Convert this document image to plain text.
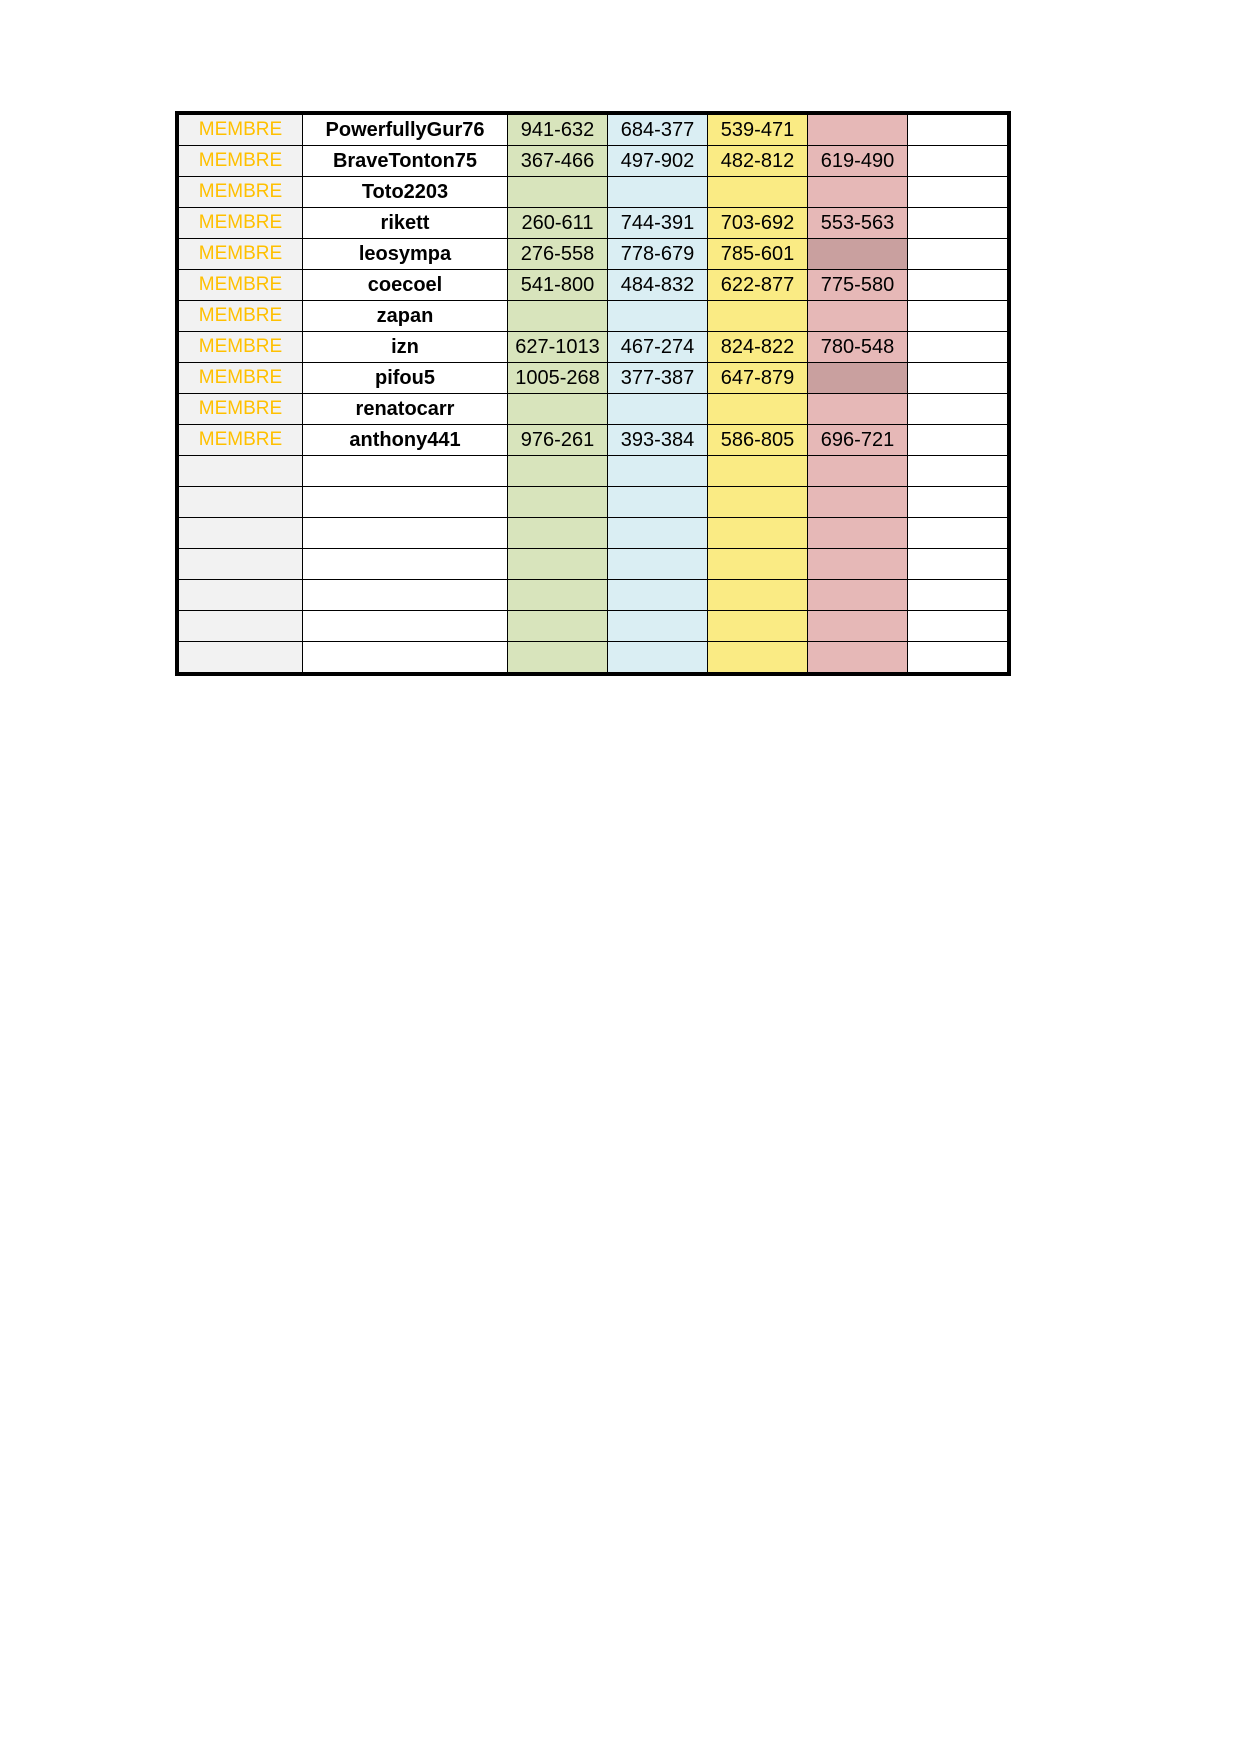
MEMBRE	PowerfullyGur76	941-632	684-377	539-471		
MEMBRE	BraveTonton75	367-466	497-902	482-812	619-490	
MEMBRE	Toto2203					
MEMBRE	rikett	260-611	744-391	703-692	553-563	
MEMBRE	leosympa	276-558	778-679	785-601		
MEMBRE	coecoel	541-800	484-832	622-877	775-580	
MEMBRE	zapan					
MEMBRE	izn	627-1013	467-274	824-822	780-548	
MEMBRE	pifou5	1005-268	377-387	647-879		
MEMBRE	renatocarr					
MEMBRE	anthony441	976-261	393-384	586-805	696-721	
